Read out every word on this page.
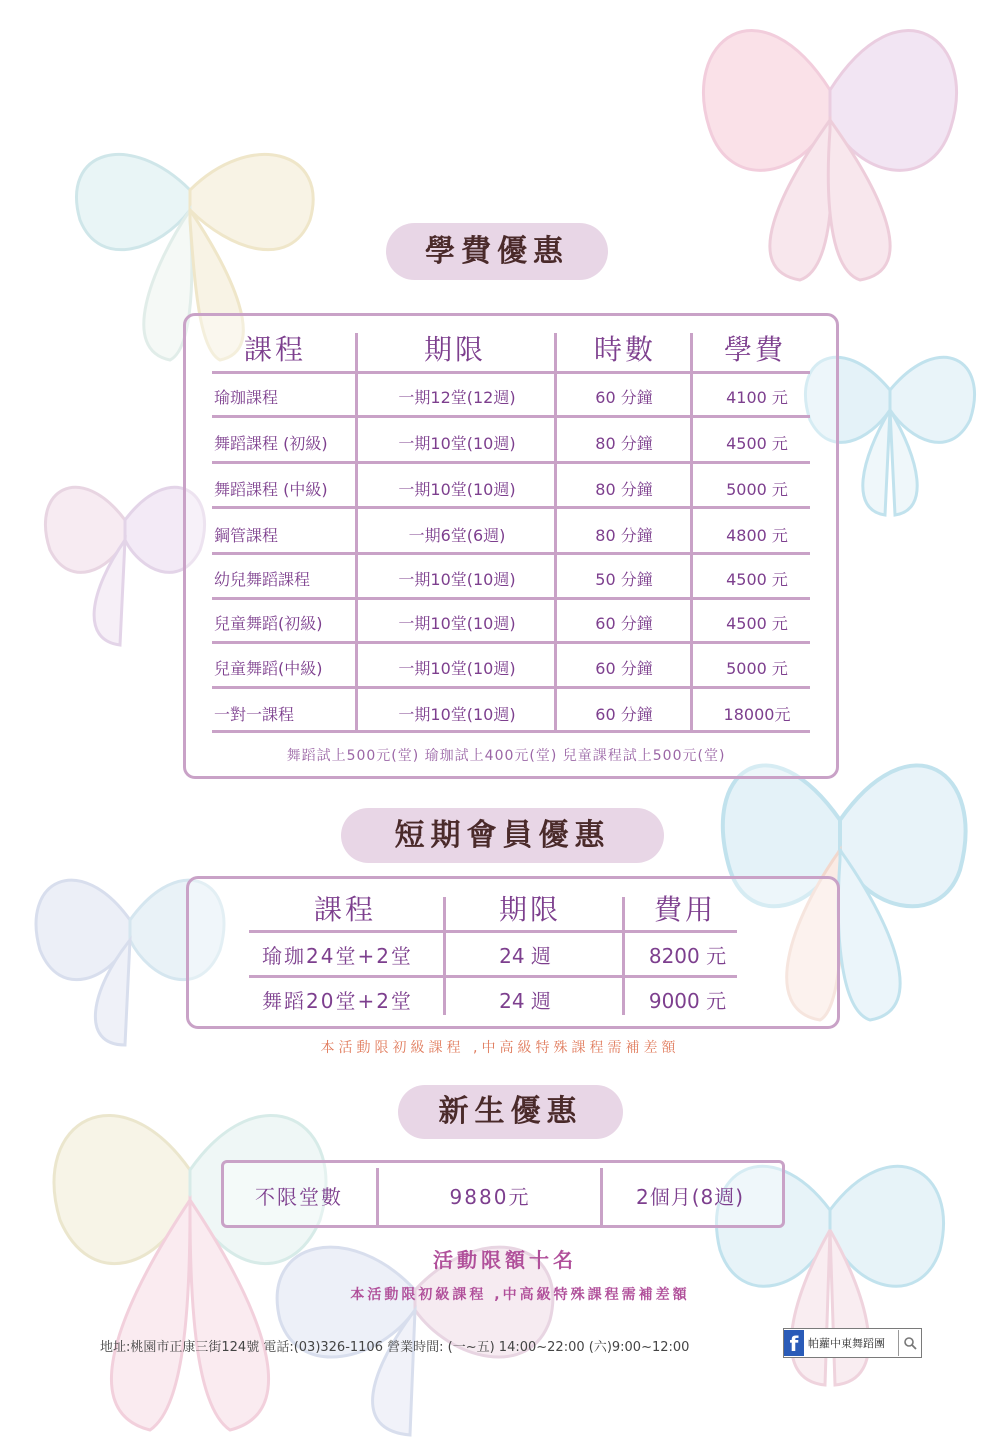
學費優惠
課程	期限	時數	學費
瑜珈課程	一期12堂(12週)	60 分鐘	4100 元
舞蹈課程 (初級)	一期10堂(10週)	80 分鐘	4500 元
舞蹈課程 (中級)	一期10堂(10週)	80 分鐘	5000 元
鋼管課程	一期6堂(6週)	80 分鐘	4800 元
幼兒舞蹈課程	一期10堂(10週)	50 分鐘	4500 元
兒童舞蹈(初級)	一期10堂(10週)	60 分鐘	4500 元
兒童舞蹈(中級)	一期10堂(10週)	60 分鐘	5000 元
一對一課程	一期10堂(10週)	60 分鐘	18000元
舞蹈試上500元(堂) 瑜珈試上400元(堂) 兒童課程試上500元(堂)
短期會員優惠
課程	期限	費用
瑜珈24堂+2堂	24 週	8200 元
舞蹈20堂+2堂	24 週	9000 元
本活動限初級課程 ,中高級特殊課程需補差額
新生優惠
不限堂數	9880元	2個月(8週)
活動限額十名
本活動限初級課程 ,中高級特殊課程需補差額
地址:桃園市正康三街124號 電話:(03)326-1106 營業時間: (一~五) 14:00~22:00 (六)9:00~12:00	f 帕蘿中東舞蹈團
